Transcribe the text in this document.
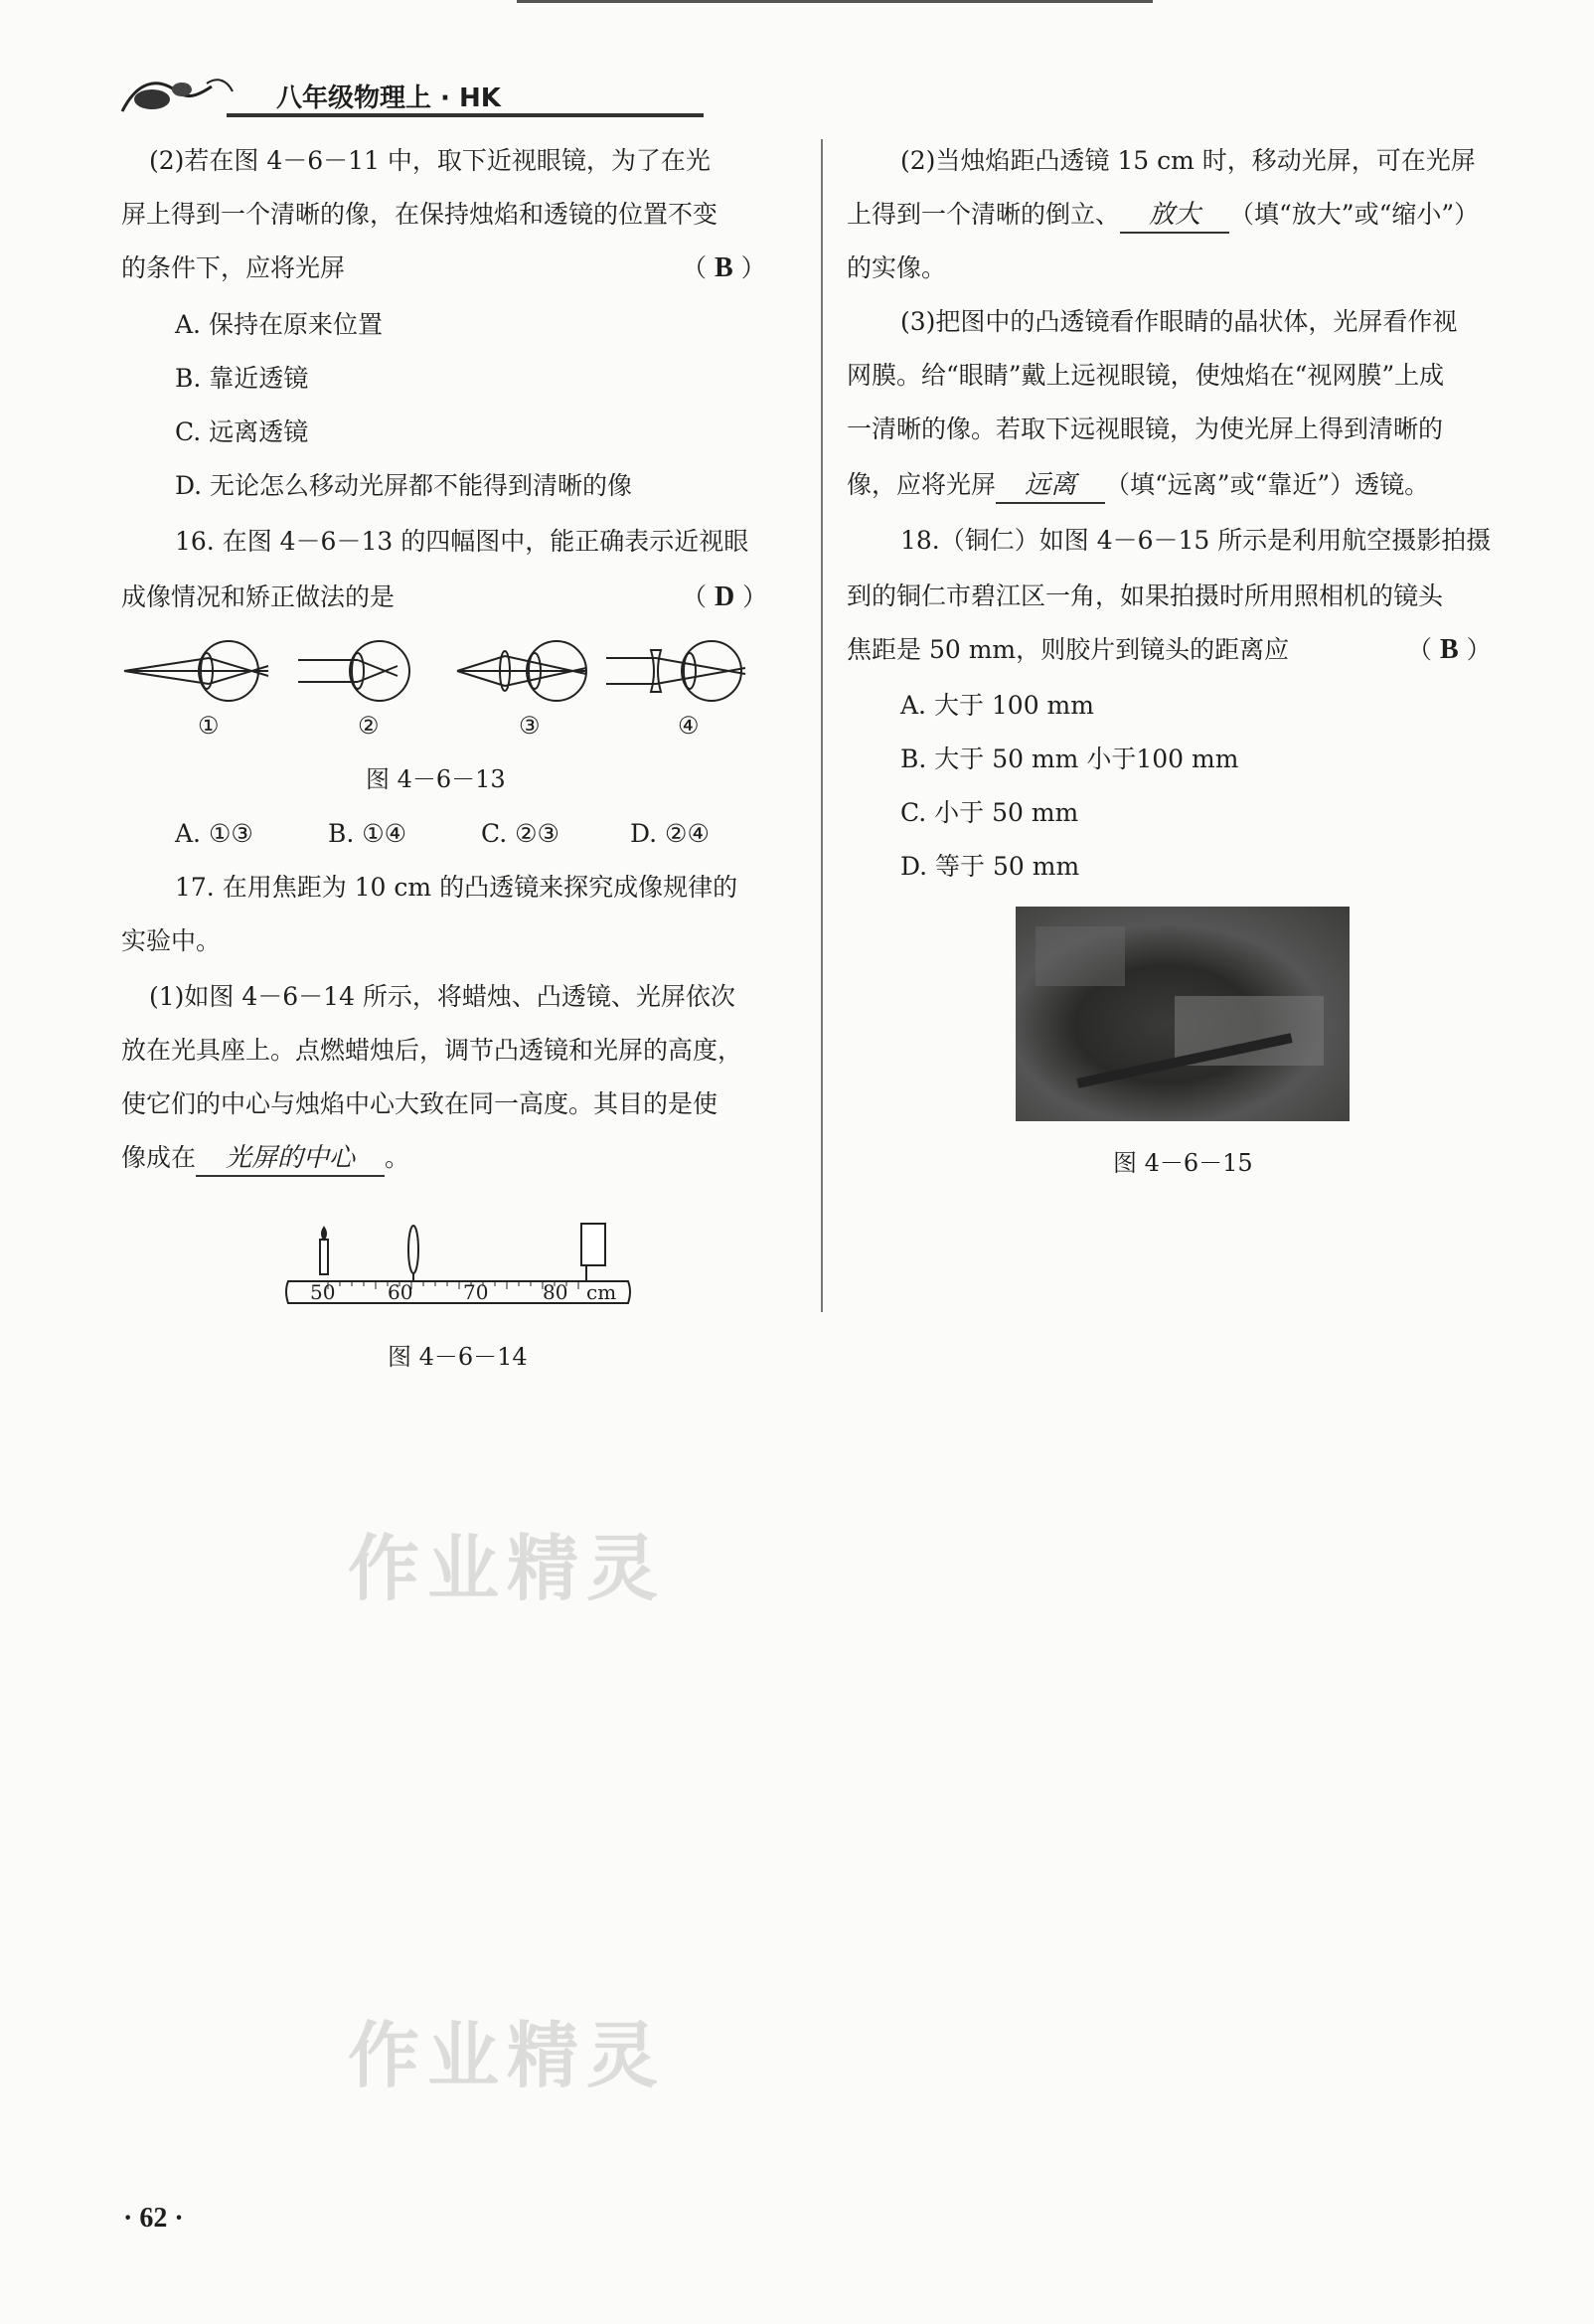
八年级物理上 · HK
(2)若在图 4－6－11 中，取下近视眼镜，为了在光
屏上得到一个清晰的像，在保持烛焰和透镜的位置不变
的条件下，应将光屏	（ B ）
A. 保持在原来位置
B. 靠近透镜
C. 远离透镜
D. 无论怎么移动光屏都不能得到清晰的像
16. 在图 4－6－13 的四幅图中，能正确表示近视眼
成像情况和矫正做法的是	（ D ）
①	②	③	④
图 4－6－13
A. ①③	B. ①④	C. ②③	D. ②④
17. 在用焦距为 10 cm 的凸透镜来探究成像规律的
实验中。
(1)如图 4－6－14 所示，将蜡烛、凸透镜、光屏依次
放在光具座上。点燃蜡烛后，调节凸透镜和光屏的高度，
使它们的中心与烛焰中心大致在同一高度。其目的是使
像成在 光屏的中心 。
50	60	70	80 cm
图 4－6－14
(2)当烛焰距凸透镜 15 cm 时，移动光屏，可在光屏
上得到一个清晰的倒立、 放大 （填“放大”或“缩小”）
的实像。
(3)把图中的凸透镜看作眼睛的晶状体，光屏看作视
网膜。给“眼睛”戴上远视眼镜，使烛焰在“视网膜”上成
一清晰的像。若取下远视眼镜，为使光屏上得到清晰的
像，应将光屏 远离 （填“远离”或“靠近”）透镜。
18.（铜仁）如图 4－6－15 所示是利用航空摄影拍摄
到的铜仁市碧江区一角，如果拍摄时所用照相机的镜头
焦距是 50 mm，则胶片到镜头的距离应	（ B ）
A. 大于 100 mm
B. 大于 50 mm 小于100 mm
C. 小于 50 mm
D. 等于 50 mm
图 4－6－15
作业精灵
作业精灵
· 62 ·
